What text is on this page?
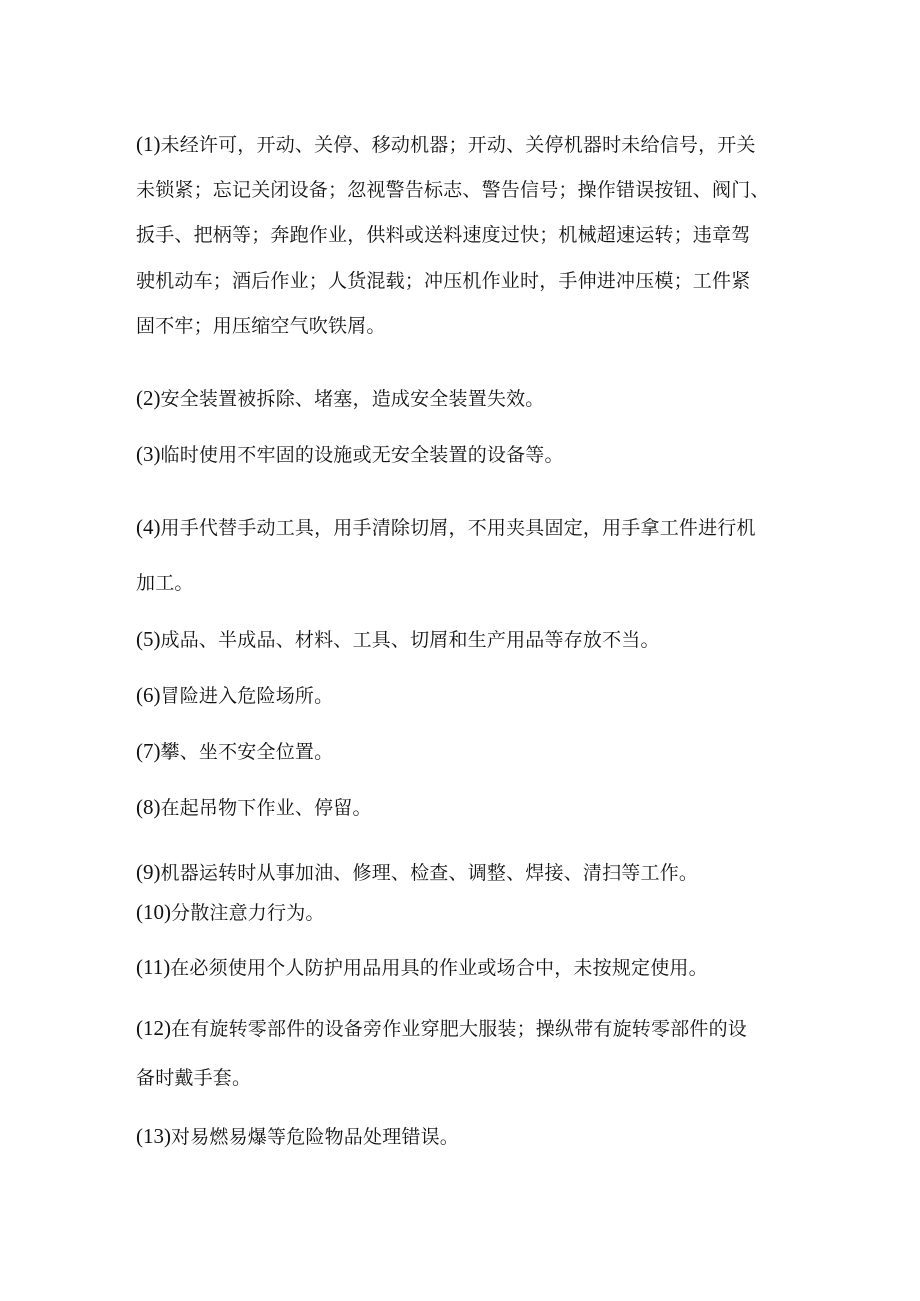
(1)未经许可，开动、关停、移动机器；开动、关停机器时未给信号，开关
未锁紧；忘记关闭设备；忽视警告标志、警告信号；操作错误按钮、阀门、
扳手、把柄等；奔跑作业，供料或送料速度过快；机械超速运转；违章驾
驶机动车；酒后作业；人货混载；冲压机作业时，手伸进冲压模；工件紧
固不牢；用压缩空气吹铁屑。

(2)安全装置被拆除、堵塞，造成安全装置失效。

(3)临时使用不牢固的设施或无安全装置的设备等。

(4)用手代替手动工具，用手清除切屑，不用夹具固定，用手拿工件进行机
加工。

(5)成品、半成品、材料、工具、切屑和生产用品等存放不当。

(6)冒险进入危险场所。

(7)攀、坐不安全位置。

(8)在起吊物下作业、停留。

(9)机器运转时从事加油、修理、检查、调整、焊接、清扫等工作。

(10)分散注意力行为。

(11)在必须使用个人防护用品用具的作业或场合中，未按规定使用。

(12)在有旋转零部件的设备旁作业穿肥大服装；操纵带有旋转零部件的设
备时戴手套。

(13)对易燃易爆等危险物品处理错误。
